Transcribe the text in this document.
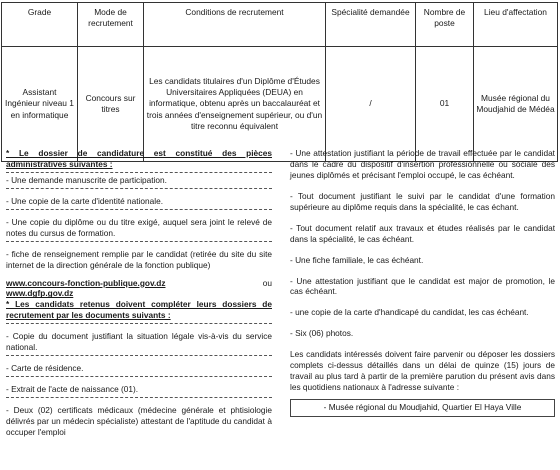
Grade	Mode de recrutement	Conditions de recrutement	Spécialité demandée	Nombre de poste	Lieu d'affectation
Assistant Ingénieur niveau 1 en informatique	Concours sur titres	Les candidats titulaires d'un Diplôme d'Études Universitaires Appliquées (DEUA) en informatique, obtenu après un baccalauréat et trois années d'enseignement supérieur, ou d'un titre reconnu équivalent	/	01	Musée régional du Moudjahid de Médéa

* Le dossier de candidature est constitué des pièces administratives suivantes :

- Une demande manuscrite de participation.

- Une copie de la carte d'identité nationale.

- Une copie du diplôme ou du titre exigé, auquel sera joint le relevé de notes du cursus de formation.

- fiche de renseignement remplie par le candidat (retirée du site du site internet de la direction générale de la fonction publique)

www.concours-fonction-publique.gov.dz	ou

www.dgfp.gov.dz

* Les candidats retenus doivent compléter leurs dossiers de recrutement par les documents suivants :

- Copie du document justifiant la situation légale vis-à-vis du service national.

- Carte de résidence.

- Extrait de l'acte de naissance (01).

- Deux (02) certificats médicaux (médecine générale et phtisiologie délivrés par un médecin spécialiste) attestant de l'aptitude du candidat à occuper l'emploi

- Une attestation justifiant la période de travail effectuée par le candidat dans le cadre du dispositif d'insertion professionnelle ou sociale des jeunes diplômés et précisant l'emploi occupé, le cas échéant.

- Tout document justifiant le suivi par le candidat d'une formation supérieure au diplôme requis dans la spécialité, le cas échant.

- Tout document relatif aux travaux et études réalisés par le candidat dans la spécialité, le cas échéant.

- Une fiche familiale, le cas échéant.

- Une attestation justifiant que le candidat est major de promotion, le cas échéant.

- une copie de la carte d'handicapé du candidat, les cas échéant.

- Six (06) photos.

Les candidats intéressés doivent faire parvenir ou déposer les dossiers complets ci-dessus détaillés dans un délai de quinze (15) jours de travail au plus tard à partir de la première parution du présent avis dans les quotidiens nationaux à l'adresse suivante :

- Musée régional du Moudjahid, Quartier El Haya Ville
